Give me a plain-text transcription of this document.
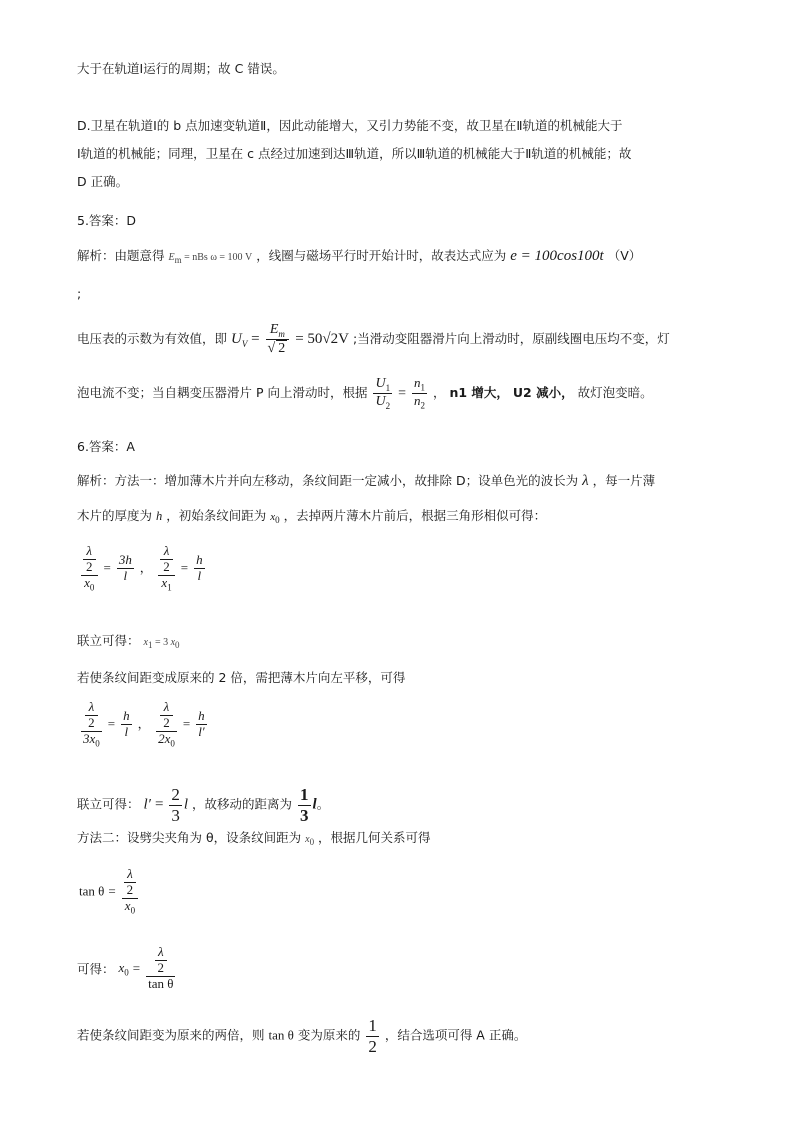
大于在轨道Ⅰ运行的周期；故 C 错误。
D.卫星在轨道Ⅰ的 b 点加速变轨道Ⅱ，因此动能增大，又引力势能不变，故卫星在Ⅱ轨道的机械能大于
Ⅰ轨道的机械能；同理，卫星在 c 点经过加速到达Ⅲ轨道，所以Ⅲ轨道的机械能大于Ⅱ轨道的机械能；故
D 正确。
5.答案：D
解析：由题意得 $E_m$ = nBs ω = 100 V ，线圈与磁场平行时开始计时，故表达式应为 e = 100cos100t （V）
;
电压表的示数为有效值，即 $U_V = \frac{E_m}{√ 2} = 50√2V$ ;当滑动变阻器滑片向上滑动时，原副线圈电压均不变，灯
泡电流不变；当自耦变压器滑片 P 向上滑动时，根据 $\frac{U_1}{U_2} = \frac{n_1}{n_2}$ ， n1 增大， U2 减小， 故灯泡变暗。
6.答案：A
解析：方法一：增加薄木片并向左移动，条纹间距一定减小，故排除 D；设单色光的波长为 λ ，每一片薄
木片的厚度为 h ，初始条纹间距为 $x_0$ ，去掉两片薄木片前后，根据三角形相似可得：
λ
2
$x_0$
= $\frac{3h}{l}$ ，
λ
2
$x_1$
= $\frac{h}{l}$
联立可得： $x_1 = 3$ $x_0$
若使条纹间距变成原来的 2 倍，需把薄木片向左平移，可得
λ
2
$3x_0$
= $\frac{h}{l}$ ，
λ
2
$2x_0$
= $\frac{h}{l'}$
联立可得： $l' = \frac{2}{3}$ l ，故移动的距离为 $\frac{1}{3}$ l。
方法二：设劈尖夹角为 θ，设条纹间距为 $x_0$ ，根据几何关系可得
tan θ =
λ
2
$x_0$
可得： $x_0$ =
λ
2
tan θ
若使条纹间距变为原来的两倍，则 tan θ 变为原来的 $\frac{1}{2}$ ，结合选项可得 A 正确。
